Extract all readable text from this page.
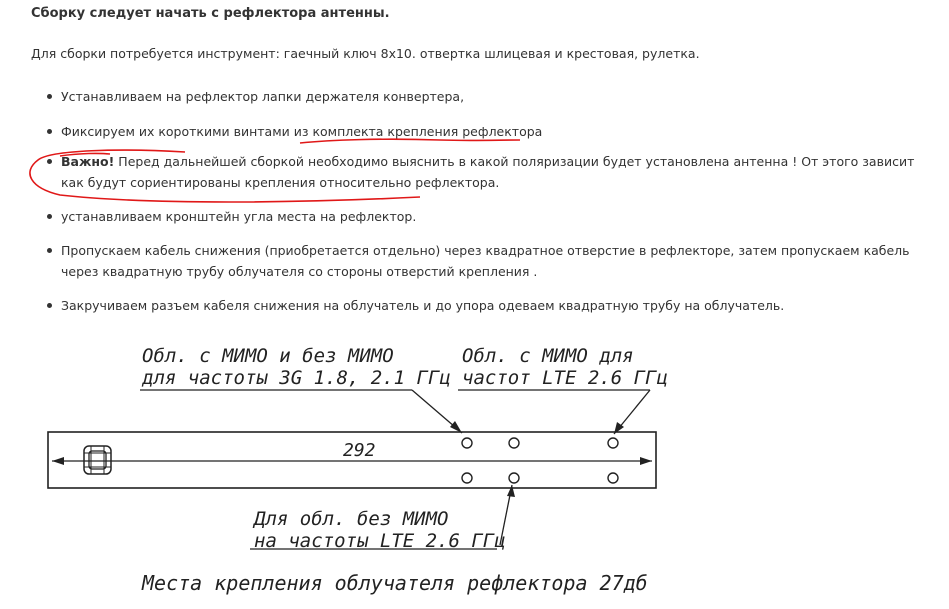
Сборку следует начать с рефлектора антенны.
Для сборки потребуется инструмент: гаечный ключ 8х10. отвертка шлицевая и крестовая, рулетка.
Устанавливаем на рефлектор лапки держателя конвертера,
Фиксируем их короткими винтами из комплекта крепления рефлектора
Важно! Перед дальнейшей сборкой необходимо выяснить в какой поляризации будет установлена антенна ! От этого зависит как будут сориентированы крепления относительно рефлектора.
устанавливаем кронштейн угла места на рефлектор.
Пропускаем кабель снижения (приобретается отдельно) через квадратное отверстие в рефлекторе, затем пропускаем кабель через квадратную трубу облучателя со стороны отверстий крепления .
Закручиваем разъем кабеля снижения на облучатель и до упора одеваем квадратную трубу на облучатель.
Обл. с МИМО и без МИМО
для частоты 3G 1.8, 2.1 ГГц
Обл. с МИМО для
частот LTE 2.6 ГГц
292
Для обл. без МИМО
на частоты LTE 2.6 ГГц
Места крепления облучателя рефлектора 27дб
